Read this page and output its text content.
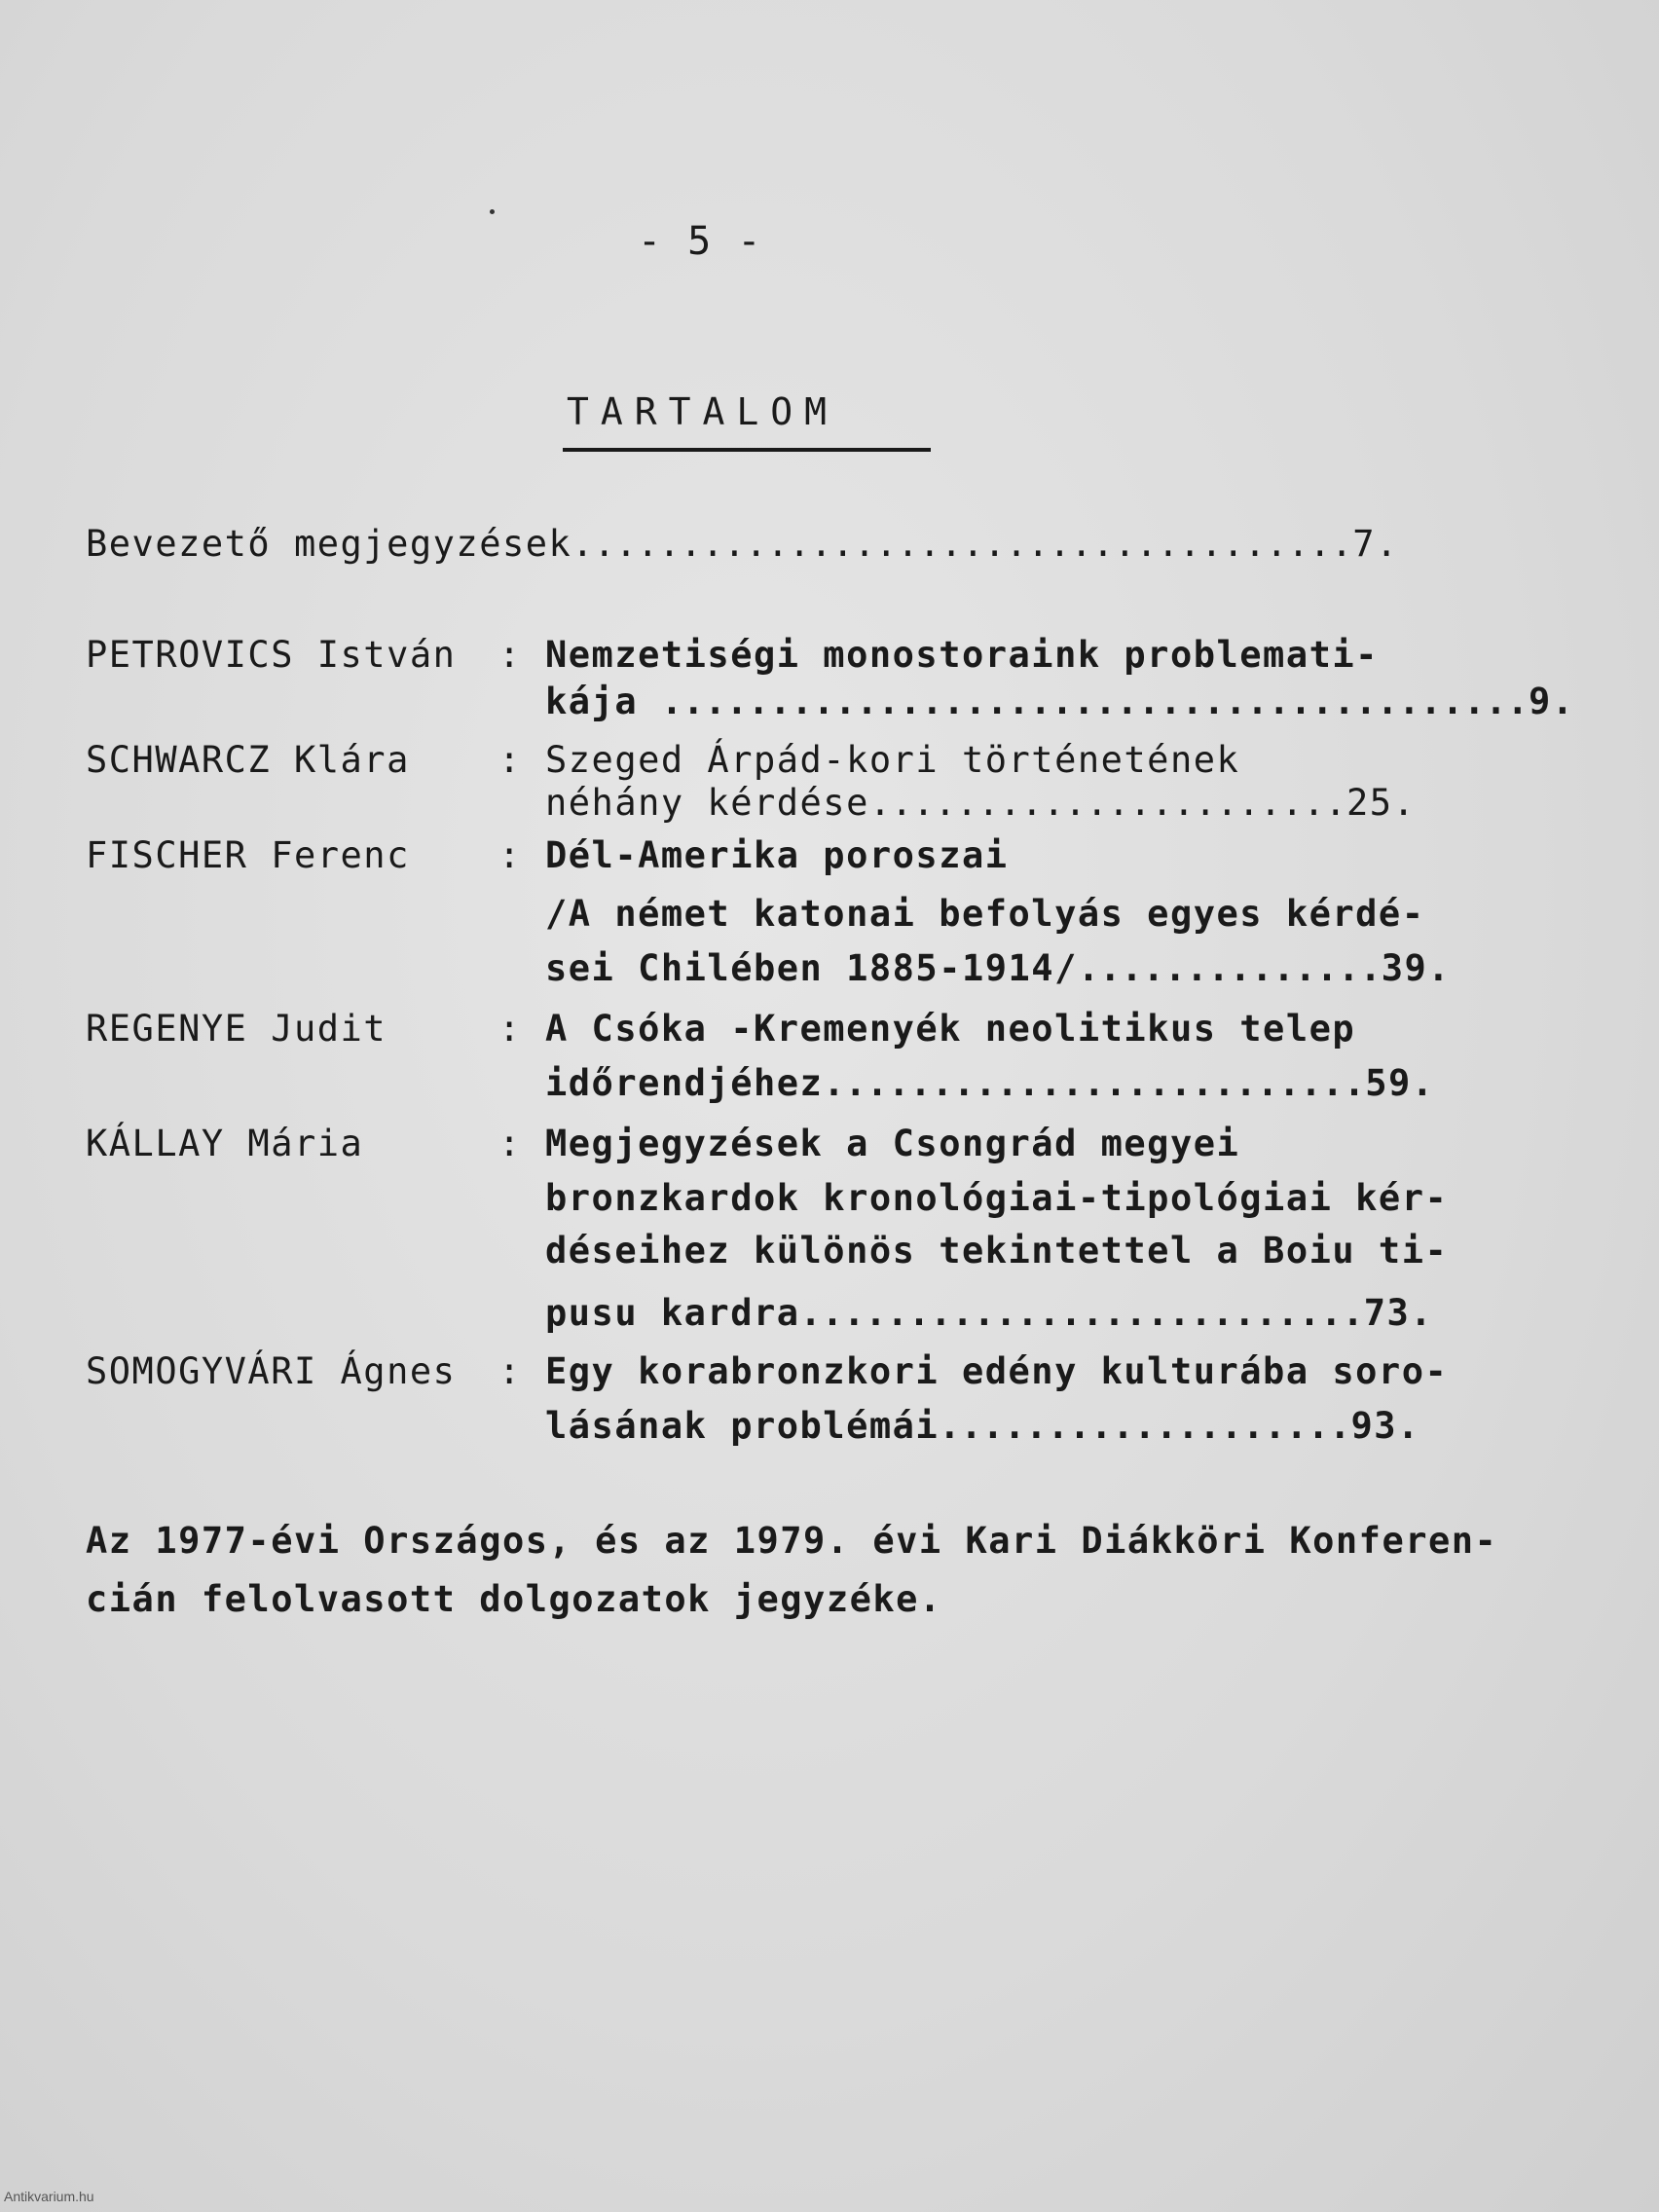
- 5 -
TARTALOM
Bevezető megjegyzések....................................7.
PETROVICS István : Nemzetiségi monostoraink problemati-
kája ........................................9.
SCHWARCZ Klára : Szeged Árpád-kori történetének
néhány kérdése......................25.
FISCHER Ferenc : Dél-Amerika poroszai
/A német katonai befolyás egyes kérdé-
sei Chilében 1885-1914/..............39.
REGENYE Judit	: A Csóka -Kremenyék neolitikus telep
időrendjéhez.........................59.
KÁLLAY Mária	: Megjegyzések a Csongrád megyei
bronzkardok kronológiai-tipológiai kér-
déseihez különös tekintettel a Boiu ti-
pusu kardra..........................73.
SOMOGYVÁRI Ágnes : Egy korabronzkori edény kulturába soro-
lásának problémái...................93.
Az 1977-évi Országos, és az 1979. évi Kari Diákköri Konferen-
cián felolvasott dolgozatok jegyzéke.
Antikvarium.hu
